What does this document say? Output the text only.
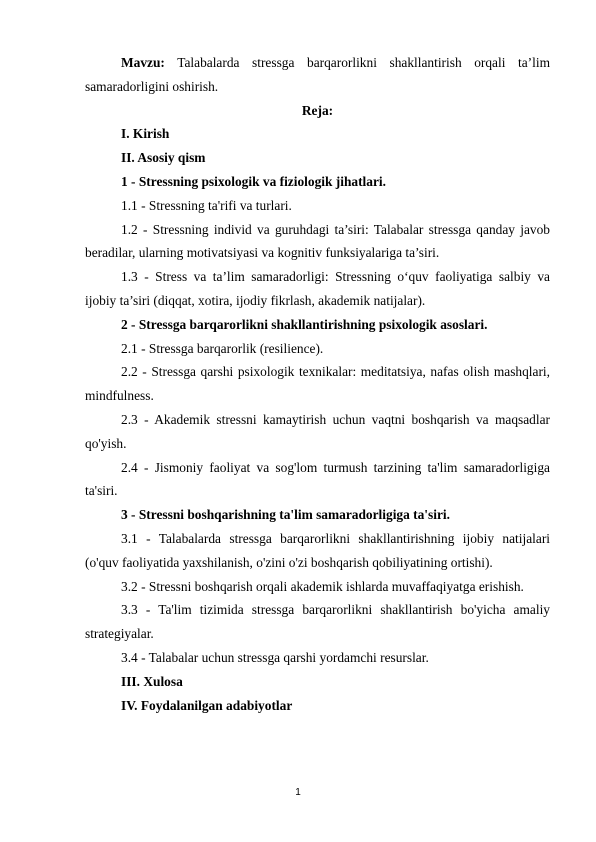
Mavzu: Talabalarda stressga barqarorlikni shakllantirish orqali ta’lim samaradorligini oshirish.

Reja:

I. Kirish

II. Asosiy qism

1 - Stressning psixologik va fiziologik jihatlari.

1.1 - Stressning ta'rifi va turlari.

1.2 - Stressning individ va guruhdagi ta’siri: Talabalar stressga qanday javob beradilar, ularning motivatsiyasi va kognitiv funksiyalariga ta’siri.

1.3 - Stress va ta’lim samaradorligi: Stressning o‘quv faoliyatiga salbiy va ijobiy ta’siri (diqqat, xotira, ijodiy fikrlash, akademik natijalar).

2 - Stressga barqarorlikni shakllantirishning psixologik asoslari.

2.1 - Stressga barqarorlik (resilience).

2.2 - Stressga qarshi psixologik texnikalar: meditatsiya, nafas olish mashqlari, mindfulness.

2.3 - Akademik stressni kamaytirish uchun vaqtni boshqarish va maqsadlar qo'yish.

2.4 - Jismoniy faoliyat va sog'lom turmush tarzining ta'lim samaradorligiga ta'siri.

3 - Stressni boshqarishning ta'lim samaradorligiga ta'siri.

3.1 - Talabalarda stressga barqarorlikni shakllantirishning ijobiy natijalari (o'quv faoliyatida yaxshilanish, o'zini o'zi boshqarish qobiliyatining ortishi).

3.2 - Stressni boshqarish orqali akademik ishlarda muvaffaqiyatga erishish.

3.3 - Ta'lim tizimida stressga barqarorlikni shakllantirish bo'yicha amaliy strategiyalar.

3.4 - Talabalar uchun stressga qarshi yordamchi resurslar.

III. Xulosa

IV. Foydalanilgan adabiyotlar

1
